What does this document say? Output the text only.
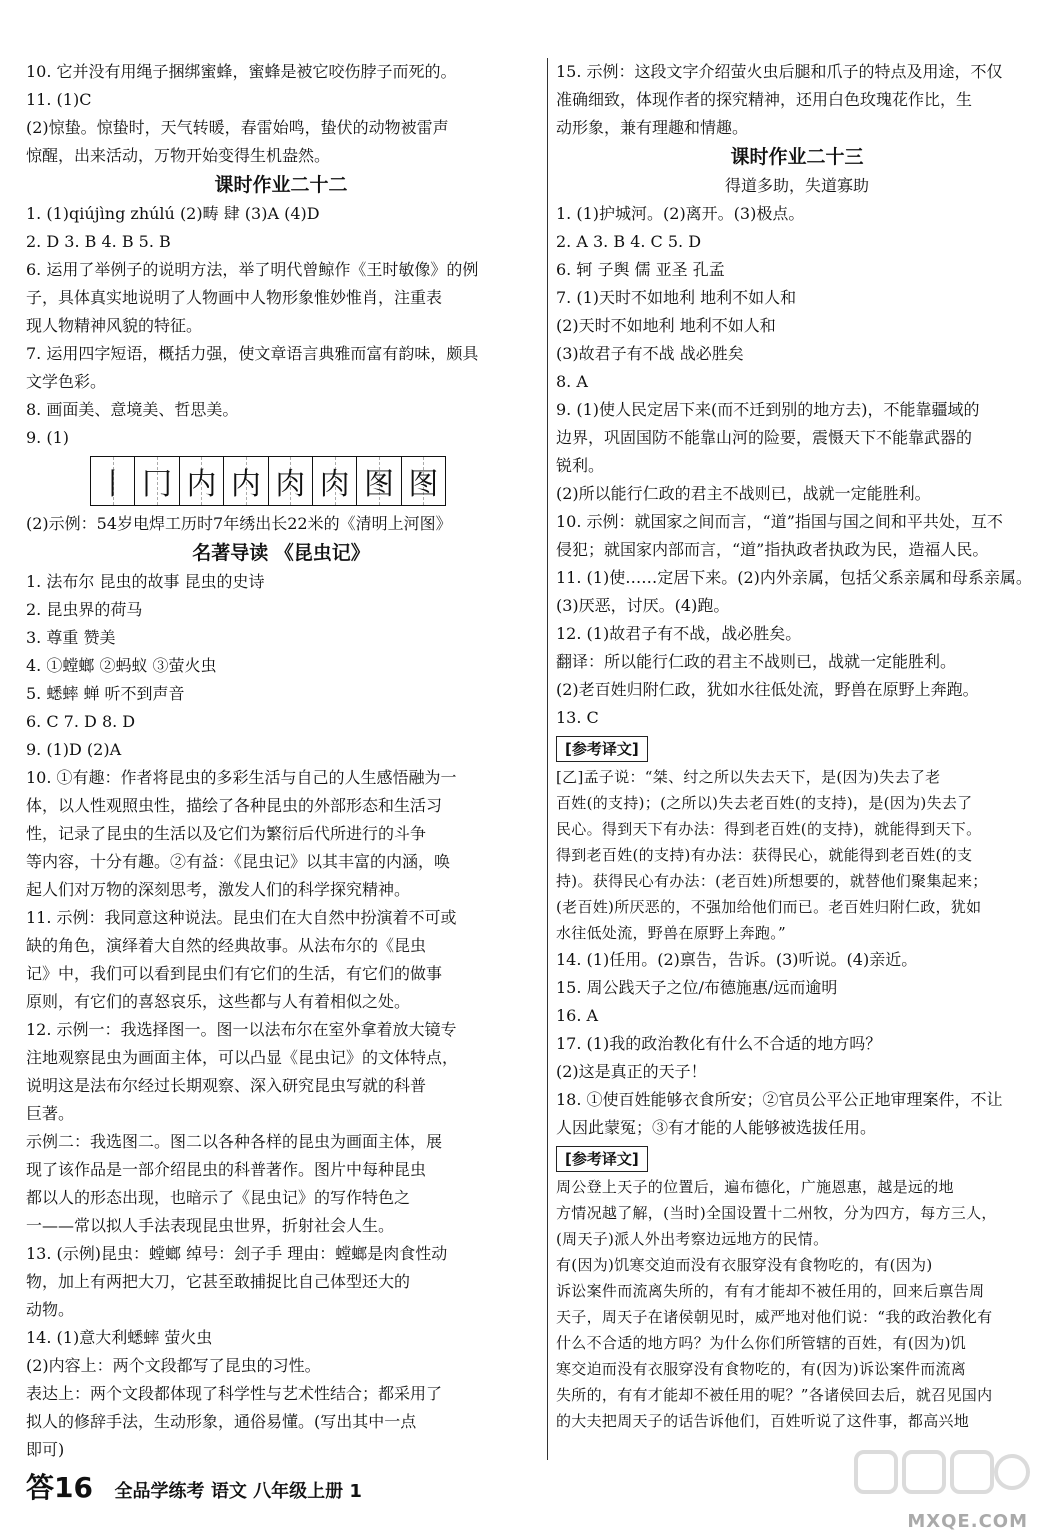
10. 它并没有用绳子捆绑蜜蜂，蜜蜂是被它咬伤脖子而死的。
11. (1)C
(2)惊蛰。惊蛰时，天气转暖，春雷始鸣，蛰伏的动物被雷声
惊醒，出来活动，万物开始变得生机盎然。
课时作业二十二
1. (1)qiújìng zhúlú (2)畴 肆 (3)A (4)D
2. D 3. B 4. B 5. B
6. 运用了举例子的说明方法，举了明代曾鲸作《王时敏像》的例
子，具体真实地说明了人物画中人物形象惟妙惟肖，注重表
现人物精神风貌的特征。
7. 运用四字短语，概括力强，使文章语言典雅而富有韵味，颇具
文学色彩。
8. 画面美、意境美、哲思美。
9. (1)
丨 冂 内 内 肉 肉 图 图
(2)示例：54岁电焊工历时7年绣出长22米的《清明上河图》
名著导读 《昆虫记》
1. 法布尔 昆虫的故事 昆虫的史诗
2. 昆虫界的荷马
3. 尊重 赞美
4. ①螳螂 ②蚂蚁 ③萤火虫
5. 蟋蟀 蝉 听不到声音
6. C 7. D 8. D
9. (1)D (2)A
10. ①有趣：作者将昆虫的多彩生活与自己的人生感悟融为一
体，以人性观照虫性，描绘了各种昆虫的外部形态和生活习
性，记录了昆虫的生活以及它们为繁衍后代所进行的斗争
等内容，十分有趣。②有益：《昆虫记》以其丰富的内涵，唤
起人们对万物的深刻思考，激发人们的科学探究精神。
11. 示例：我同意这种说法。昆虫们在大自然中扮演着不可或
缺的角色，演绎着大自然的经典故事。从法布尔的《昆虫
记》中，我们可以看到昆虫们有它们的生活，有它们的做事
原则，有它们的喜怒哀乐，这些都与人有着相似之处。
12. 示例一：我选择图一。图一以法布尔在室外拿着放大镜专
注地观察昆虫为画面主体，可以凸显《昆虫记》的文体特点，
说明这是法布尔经过长期观察、深入研究昆虫写就的科普
巨著。
示例二：我选图二。图二以各种各样的昆虫为画面主体，展
现了该作品是一部介绍昆虫的科普著作。图片中每种昆虫
都以人的形态出现，也暗示了《昆虫记》的写作特色之
一——常以拟人手法表现昆虫世界，折射社会人生。
13. (示例)昆虫：螳螂 绰号：刽子手 理由：螳螂是肉食性动
物，加上有两把大刀，它甚至敢捕捉比自己体型还大的
动物。
14. (1)意大利蟋蟀 萤火虫
(2)内容上：两个文段都写了昆虫的习性。
表达上：两个文段都体现了科学性与艺术性结合；都采用了
拟人的修辞手法，生动形象，通俗易懂。(写出其中一点
即可)
15. 示例：这段文字介绍萤火虫后腿和爪子的特点及用途，不仅
准确细致，体现作者的探究精神，还用白色玫瑰花作比，生
动形象，兼有理趣和情趣。
课时作业二十三
得道多助，失道寡助
1. (1)护城河。(2)离开。(3)极点。
2. A 3. B 4. C 5. D
6. 轲 子舆 儒 亚圣 孔孟
7. (1)天时不如地利 地利不如人和
(2)天时不如地利 地利不如人和
(3)故君子有不战 战必胜矣
8. A
9. (1)使人民定居下来(而不迁到别的地方去)，不能靠疆域的
边界，巩固国防不能靠山河的险要，震慑天下不能靠武器的
锐利。
(2)所以能行仁政的君主不战则已，战就一定能胜利。
10. 示例：就国家之间而言，“道”指国与国之间和平共处，互不
侵犯；就国家内部而言，“道”指执政者执政为民，造福人民。
11. (1)使……定居下来。(2)内外亲属，包括父系亲属和母系亲属。
(3)厌恶，讨厌。(4)跑。
12. (1)故君子有不战，战必胜矣。
翻译：所以能行仁政的君主不战则已，战就一定能胜利。
(2)老百姓归附仁政，犹如水往低处流，野兽在原野上奔跑。
13. C
[参考译文]
[乙]孟子说：“桀、纣之所以失去天下，是(因为)失去了老
百姓(的支持)；(之所以)失去老百姓(的支持)，是(因为)失去了
民心。得到天下有办法：得到老百姓(的支持)，就能得到天下。
得到老百姓(的支持)有办法：获得民心，就能得到老百姓(的支
持)。获得民心有办法：(老百姓)所想要的，就替他们聚集起来；
(老百姓)所厌恶的，不强加给他们而已。老百姓归附仁政，犹如
水往低处流，野兽在原野上奔跑。”
14. (1)任用。(2)禀告，告诉。(3)听说。(4)亲近。
15. 周公践天子之位/布德施惠/远而逾明
16. A
17. (1)我的政治教化有什么不合适的地方吗？
(2)这是真正的天子！
18. ①使百姓能够衣食所安；②官员公平公正地审理案件，不让
人因此蒙冤；③有才能的人能够被选拔任用。
[参考译文]
周公登上天子的位置后，遍布德化，广施恩惠，越是远的地
方情况越了解，(当时)全国设置十二州牧，分为四方，每方三人，
(周天子)派人外出考察边远地方的民情。
有(因为)饥寒交迫而没有衣服穿没有食物吃的，有(因为)
诉讼案件而流离失所的，有有才能却不被任用的，回来后禀告周
天子，周天子在诸侯朝见时，威严地对他们说：“我的政治教化有
什么不合适的地方吗？为什么你们所管辖的百姓，有(因为)饥
寒交迫而没有衣服穿没有食物吃的，有(因为)诉讼案件而流离
失所的，有有才能却不被任用的呢？”各诸侯回去后，就召见国内
的大夫把周天子的话告诉他们，百姓听说了这件事，都高兴地
答16 全品学练考 语文 八年级上册 1
MXQE.COM
